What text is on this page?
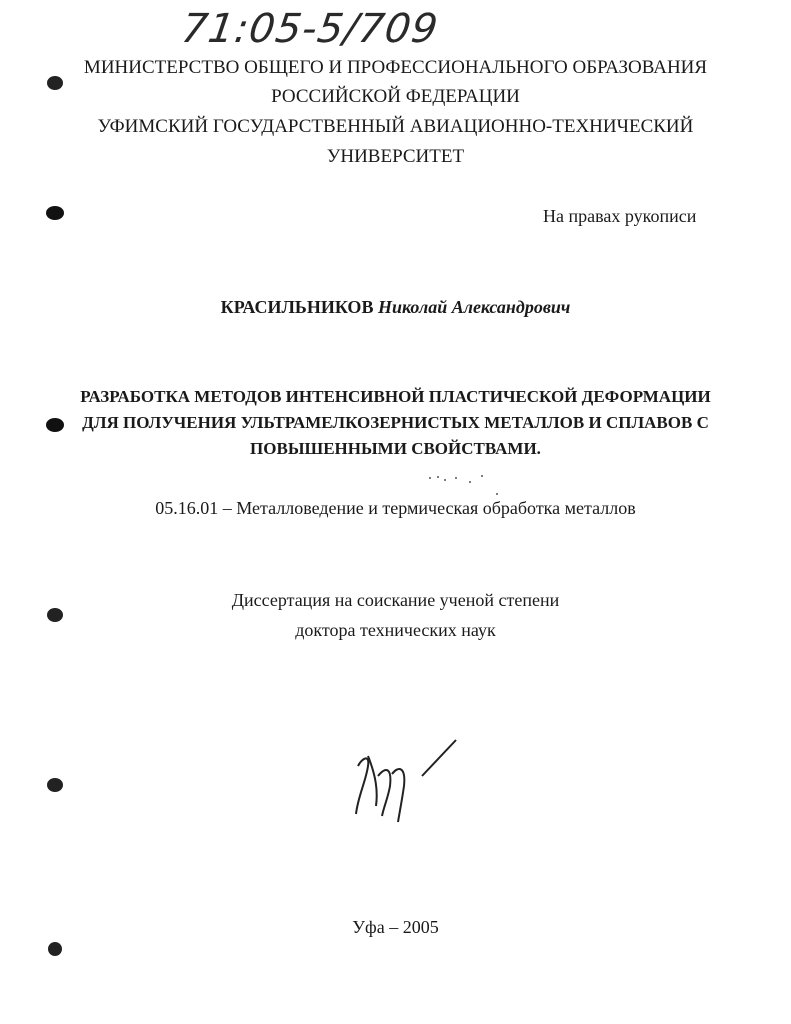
71:05-5/709
МИНИСТЕРСТВО ОБЩЕГО И ПРОФЕССИОНАЛЬНОГО ОБРАЗОВАНИЯ
РОССИЙСКОЙ ФЕДЕРАЦИИ
УФИМСКИЙ ГОСУДАРСТВЕННЫЙ АВИАЦИОННО-ТЕХНИЧЕСКИЙ
УНИВЕРСИТЕТ
На правах рукописи
КРАСИЛЬНИКОВ Николай Александрович
РАЗРАБОТКА МЕТОДОВ ИНТЕНСИВНОЙ ПЛАСТИЧЕСКОЙ ДЕФОРМАЦИИ
ДЛЯ ПОЛУЧЕНИЯ УЛЬТРАМЕЛКОЗЕРНИСТЫХ МЕТАЛЛОВ И СПЛАВОВ С
ПОВЫШЕННЫМИ СВОЙСТВАМИ.
05.16.01 – Металловедение и термическая обработка металлов
Диссертация на соискание ученой степени
доктора технических наук
Уфа – 2005
